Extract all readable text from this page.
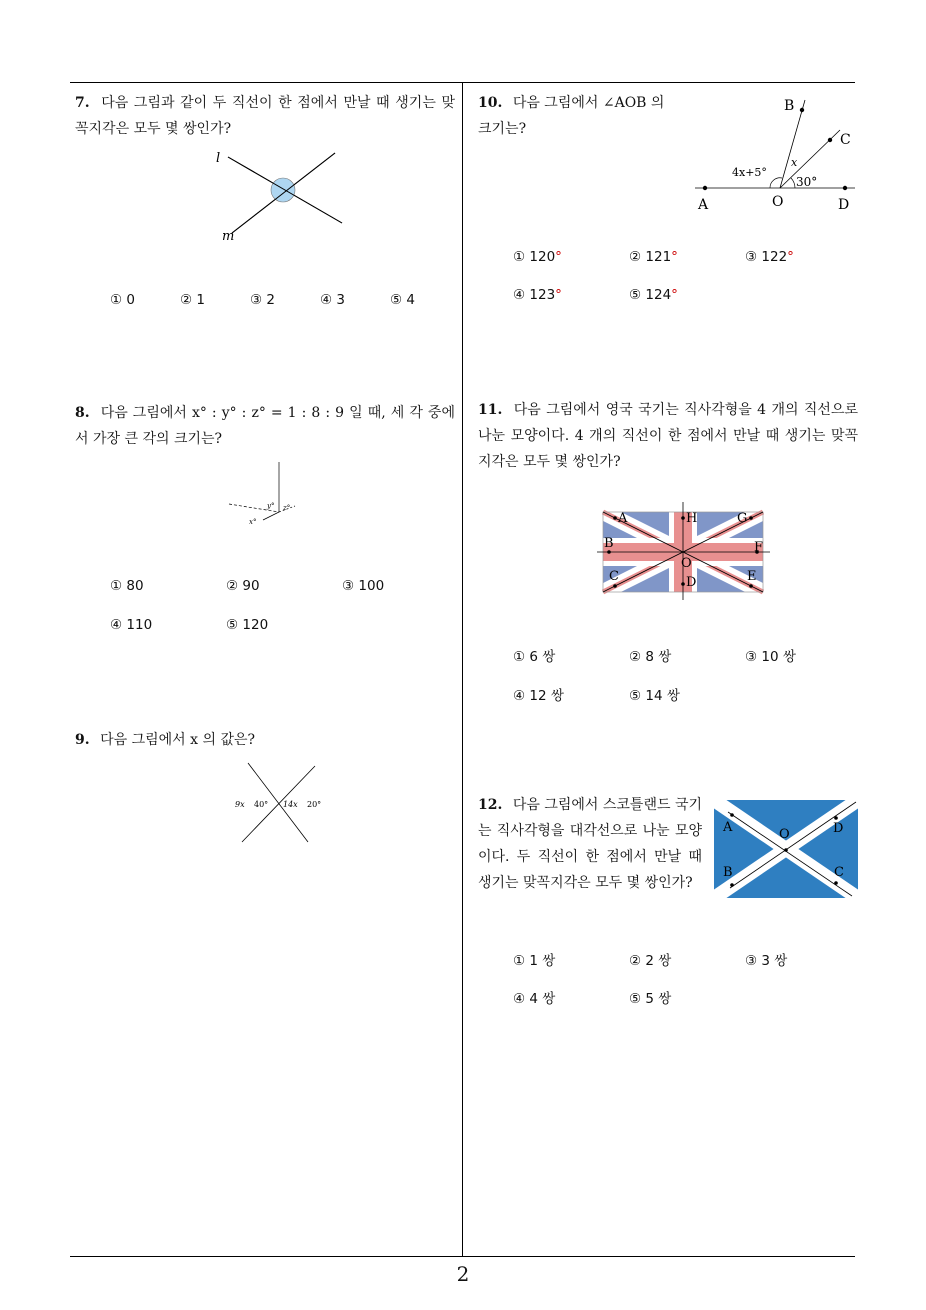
7. 다음 그림과 같이 두 직선이 한 점에서 만날 때 생기는 맞꼭지각은 모두 몇 쌍인가?
l
m
① 0	② 1	③ 2	④ 3	⑤ 4
8. 다음 그림에서 x° : y° : z° = 1 : 8 : 9 일 때, 세 각 중에서 가장 큰 각의 크기는?
x°
y° z°
① 80	② 90	③ 100
④ 110	⑤ 120
9. 다음 그림에서 x 의 값은?
9x 40° 14x 20°
10. 다음 그림에서 ∠AOB 의 크기는?
B
C
A	O	D
4x+5°
x
30°
① 120°	② 121°	③ 122°
④ 123°	⑤ 124°
11. 다음 그림에서 영국 국기는 직사각형을 4 개의 직선으로 나눈 모양이다. 4 개의 직선이 한 점에서 만날 때 생기는 맞꼭지각은 모두 몇 쌍인가?
A	H	G
B	F
O
C	D	E
① 6 쌍	② 8 쌍	③ 10 쌍
④ 12 쌍	⑤ 14 쌍
12. 다음 그림에서 스코틀랜드 국기는 직사각형을 대각선으로 나눈 모양이다. 두 직선이 한 점에서 만날 때 생기는 맞꼭지각은 모두 몇 쌍인가?
A
B	C
D
O
① 1 쌍	② 2 쌍	③ 3 쌍
④ 4 쌍	⑤ 5 쌍
2
